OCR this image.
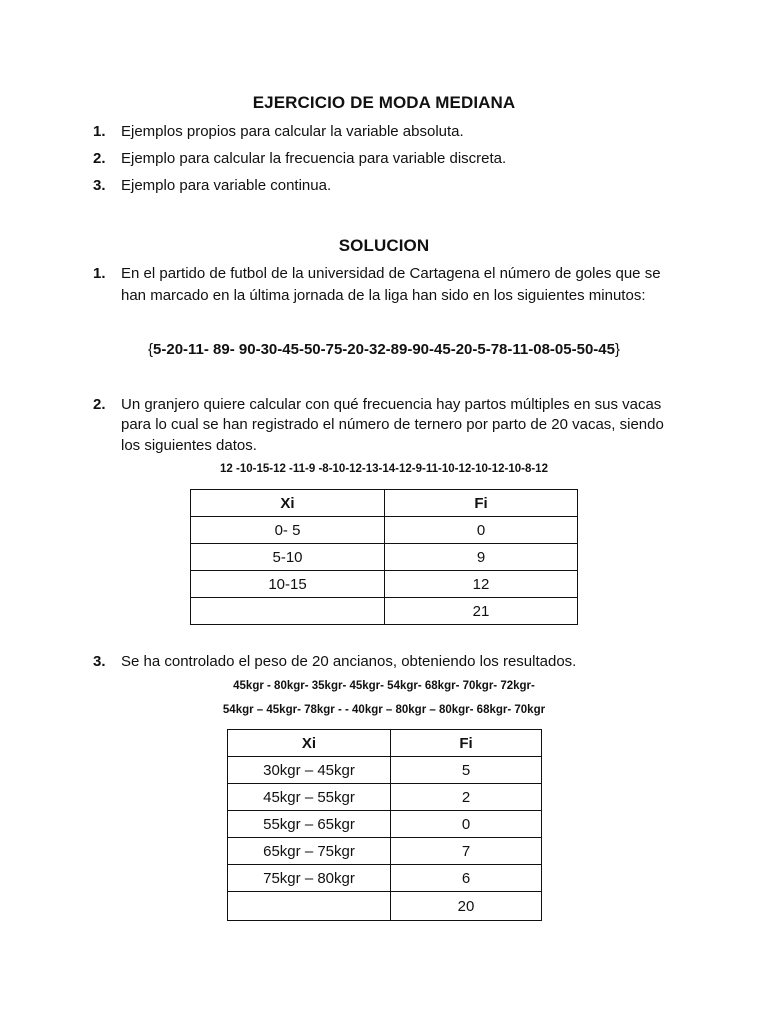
EJERCICIO DE MODA MEDIANA
1. Ejemplos propios para calcular la variable absoluta.
2. Ejemplo para calcular la frecuencia para variable discreta.
3. Ejemplo para variable continua.
SOLUCION
1. En el partido de futbol de la universidad de Cartagena el número de goles que se
han marcado en la última jornada de la liga han sido en los siguientes minutos:
{5-20-11- 89- 90-30-45-50-75-20-32-89-90-45-20-5-78-11-08-05-50-45}
2. Un granjero quiere calcular con qué frecuencia hay partos múltiples en sus vacas
para lo cual se han registrado el número de ternero por parto de 20 vacas, siendo
los siguientes datos.
12 -10-15-12 -11-9 -8-10-12-13-14-12-9-11-10-12-10-12-10-8-12
Xi	Fi
0- 5	0
5-10	9
10-15	12
	21
3. Se ha controlado el peso de 20 ancianos, obteniendo los resultados.
45kgr - 80kgr- 35kgr- 45kgr- 54kgr- 68kgr- 70kgr- 72kgr-
54kgr – 45kgr- 78kgr - - 40kgr – 80kgr – 80kgr- 68kgr- 70kgr
Xi	Fi
30kgr – 45kgr	5
45kgr – 55kgr	2
55kgr – 65kgr	0
65kgr – 75kgr	7
75kgr – 80kgr	6
	20
